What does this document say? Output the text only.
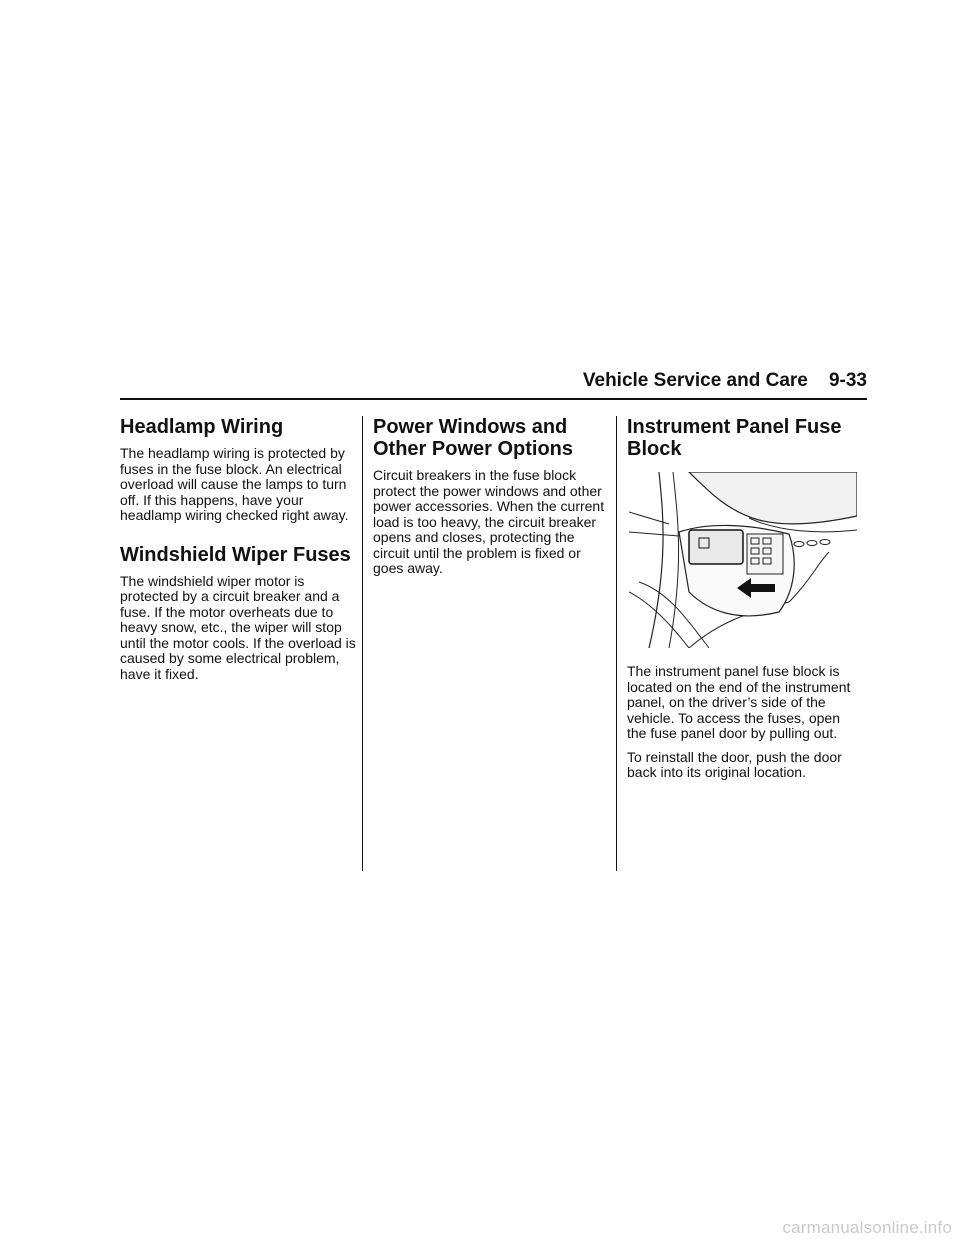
Vehicle Service and Care 9-33
Headlamp Wiring

The headlamp wiring is protected by fuses in the fuse block. An electrical overload will cause the lamps to turn off. If this happens, have your headlamp wiring checked right away.

Windshield Wiper Fuses

The windshield wiper motor is protected by a circuit breaker and a fuse. If the motor overheats due to heavy snow, etc., the wiper will stop until the motor cools. If the overload is caused by some electrical problem, have it fixed.

Power Windows and Other Power Options

Circuit breakers in the fuse block protect the power windows and other power accessories. When the current load is too heavy, the circuit breaker opens and closes, protecting the circuit until the problem is fixed or goes away.

Instrument Panel Fuse Block

The instrument panel fuse block is located on the end of the instrument panel, on the driver’s side of the vehicle. To access the fuses, open the fuse panel door by pulling out.

To reinstall the door, push the door back into its original location.

carmanualsonline.info
